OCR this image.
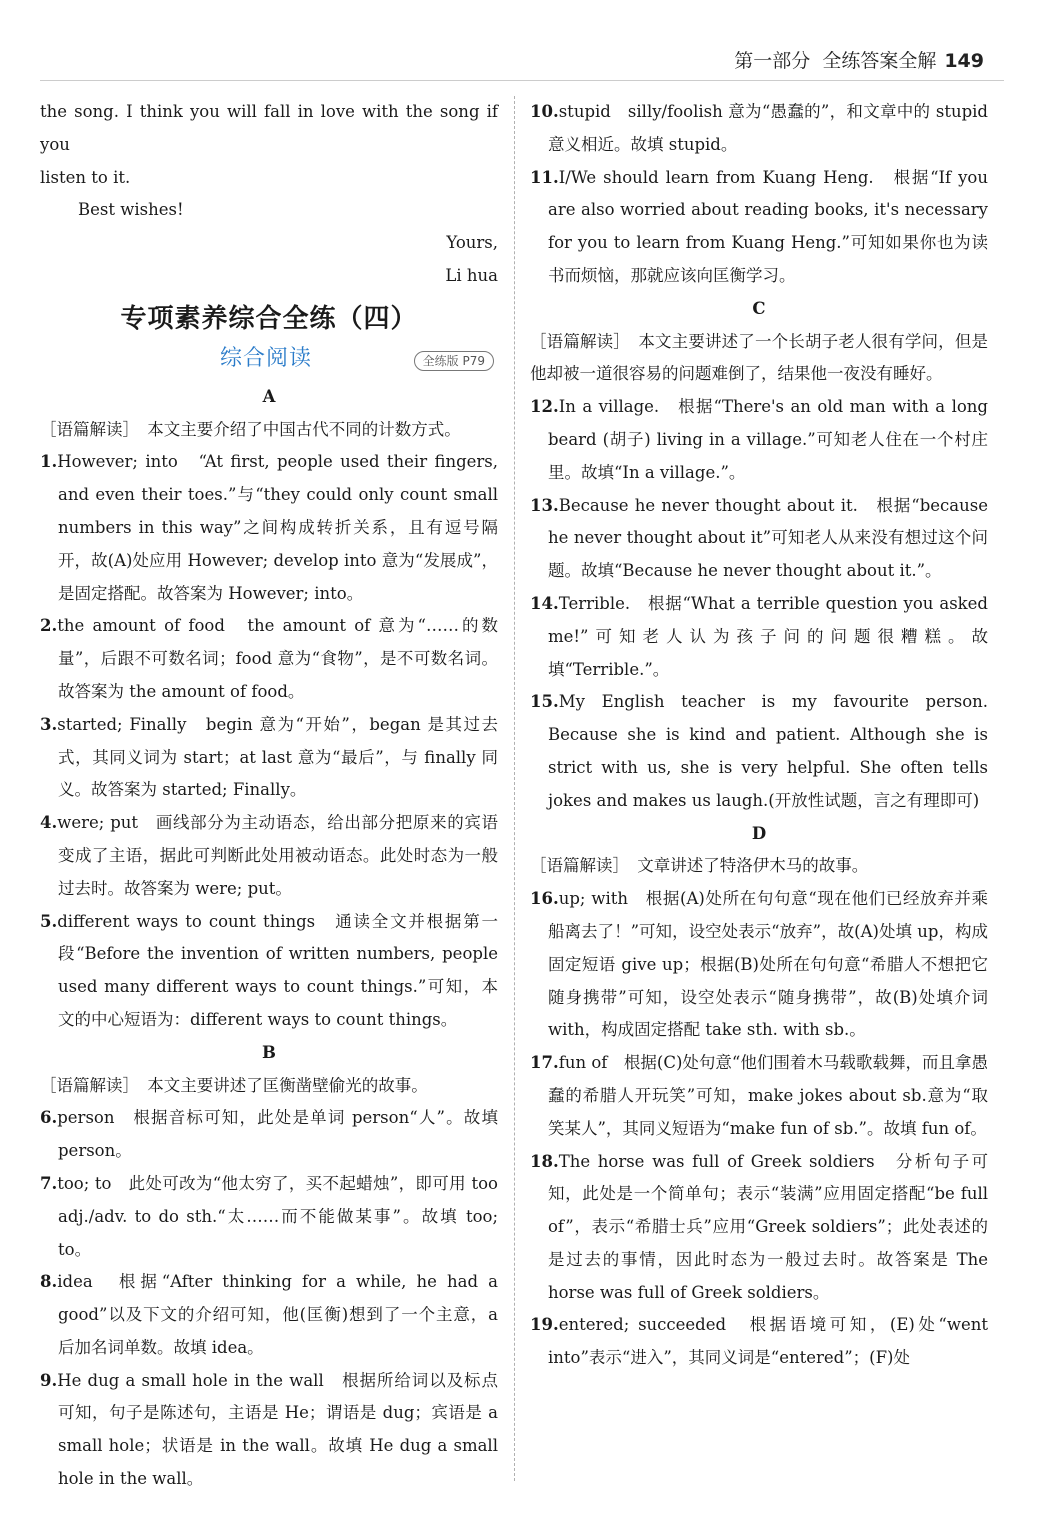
第一部分 全练答案全解 149

the song. I think you will fall in love with the song if you

listen to it.

Best wishes!

Yours,

Li hua

专项素养综合全练（四）

综合阅读	全练版 P79

A

［语篇解读］　本文主要介绍了中国古代不同的计数方式。

1.However; into　“At first, people used their fingers, and even their toes.”与“they could only count small numbers in this way”之间构成转折关系，且有逗号隔开，故(A)处应用 However; develop into 意为“发展成”，是固定搭配。故答案为 However; into。

2.the amount of food　the amount of 意为“……的数量”，后跟不可数名词；food 意为“食物”，是不可数名词。故答案为 the amount of food。

3.started; Finally　begin 意为“开始”，began 是其过去式，其同义词为 start；at last 意为“最后”，与 finally 同义。故答案为 started; Finally。

4.were; put　画线部分为主动语态，给出部分把原来的宾语变成了主语，据此可判断此处用被动语态。此处时态为一般过去时。故答案为 were; put。

5.different ways to count things　通读全文并根据第一段“Before the invention of written numbers, people used many different ways to count things.”可知，本文的中心短语为：different ways to count things。

B

［语篇解读］　本文主要讲述了匡衡凿壁偷光的故事。

6.person　根据音标可知，此处是单词 person“人”。故填 person。

7.too; to　此处可改为“他太穷了，买不起蜡烛”，即可用 too adj./adv. to do sth.“太……而不能做某事”。故填 too; to。

8.idea　根据“After thinking for a while, he had a good”以及下文的介绍可知，他(匡衡)想到了一个主意，a 后加名词单数。故填 idea。

9.He dug a small hole in the wall　根据所给词以及标点可知，句子是陈述句，主语是 He；谓语是 dug；宾语是 a small hole；状语是 in the wall。故填 He dug a small hole in the wall。

10.stupid　silly/foolish 意为“愚蠢的”，和文章中的 stupid 意义相近。故填 stupid。

11.I/We should learn from Kuang Heng.　根据“If you are also worried about reading books, it's necessary for you to learn from Kuang Heng.”可知如果你也为读书而烦恼，那就应该向匡衡学习。

C

［语篇解读］　本文主要讲述了一个长胡子老人很有学问，但是他却被一道很容易的问题难倒了，结果他一夜没有睡好。

12.In a village.　根据“There's an old man with a long beard (胡子) living in a village.”可知老人住在一个村庄里。故填“In a village.”。

13.Because he never thought about it.　根据“because he never thought about it”可知老人从来没有想过这个问题。故填“Because he never thought about it.”。

14.Terrible.　根据“What a terrible question you asked me!”可知老人认为孩子问的问题很糟糕。故填“Terrible.”。

15.My English teacher is my favourite person. Because she is kind and patient. Although she is strict with us, she is very helpful. She often tells jokes and makes us laugh.(开放性试题，言之有理即可)

D

［语篇解读］　文章讲述了特洛伊木马的故事。

16.up; with　根据(A)处所在句句意“现在他们已经放弃并乘船离去了！”可知，设空处表示“放弃”，故(A)处填 up，构成固定短语 give up；根据(B)处所在句句意“希腊人不想把它随身携带”可知，设空处表示“随身携带”，故(B)处填介词 with，构成固定搭配 take sth. with sb.。

17.fun of　根据(C)处句意“他们围着木马载歌载舞，而且拿愚蠢的希腊人开玩笑”可知，make jokes about sb.意为“取笑某人”，其同义短语为“make fun of sb.”。故填 fun of。

18.The horse was full of Greek soldiers　分析句子可知，此处是一个简单句；表示“装满”应用固定搭配“be full of”，表示“希腊士兵”应用“Greek soldiers”；此处表述的是过去的事情，因此时态为一般过去时。故答案是 The horse was full of Greek soldiers。

19.entered; succeeded　根据语境可知，(E)处“went into”表示“进入”，其同义词是“entered”；(F)处
